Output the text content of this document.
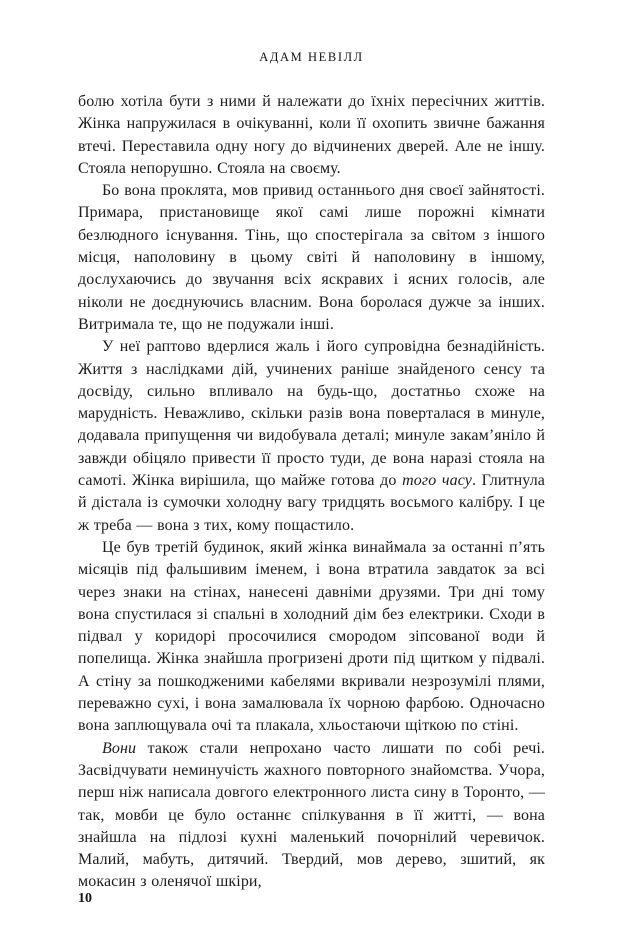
АДАМ НЕВІЛЛ

болю хотіла бути з ними й належати до їхніх пересічних життів. Жінка напружилася в очікуванні, коли її охопить звичне бажання втечі. Переставила одну ногу до відчинених дверей. Але не іншу. Стояла непорушно. Стояла на своєму.

Бо вона проклята, мов привид останнього дня своєї зайнятості. Примара, пристановище якої самі лише порожні кімнати безлюдного існування. Тінь, що спостерігала за світом з іншого місця, наполовину в цьому світі й наполовину в іншому, дослухаючись до звучання всіх яскравих і ясних голосів, але ніколи не доєднуючись власним. Вона боролася дужче за інших. Витримала те, що не подужали інші.

У неї раптово вдерлися жаль і його супровідна безнадійність. Життя з наслідками дій, учинених раніше знайденого сенсу та досвіду, сильно впливало на будь-що, достатньо схоже на марудність. Неважливо, скільки разів вона поверталася в минуле, додавала припущення чи видобувала деталі; минуле закам’яніло й завжди обіцяло привести її просто туди, де вона наразі стояла на самоті. Жінка вирішила, що майже готова до того часу. Глитнула й дістала із сумочки холодну вагу тридцять восьмого калібру. І це ж треба — вона з тих, кому пощастило.

Це був третій будинок, який жінка винаймала за останні п’ять місяців під фальшивим іменем, і вона втратила завдаток за всі через знаки на стінах, нанесені давніми друзями. Три дні тому вона спустилася зі спальні в холодний дім без електрики. Сходи в підвал у коридорі просочилися смородом зіпсованої води й попелища. Жінка знайшла прогризені дроти під щитком у підвалі. А стіну за пошкодженими кабелями вкривали незрозумілі плями, переважно сухі, і вона замалювала їх чорною фарбою. Одночасно вона заплющувала очі та плакала, хльостаючи щіткою по стіні.

Вони також стали непрохано часто лишати по собі речі. Засвідчувати неминучість жахного повторного знайомства. Учора, перш ніж написала довгого електронного листа сину в Торонто, — так, мовби це було останнє спілкування в її житті, — вона знайшла на підлозі кухні маленький почорнілий черевичок. Малий, мабуть, дитячий. Твердий, мов дерево, зшитий, як мокасин з оленячої шкіри,

10
